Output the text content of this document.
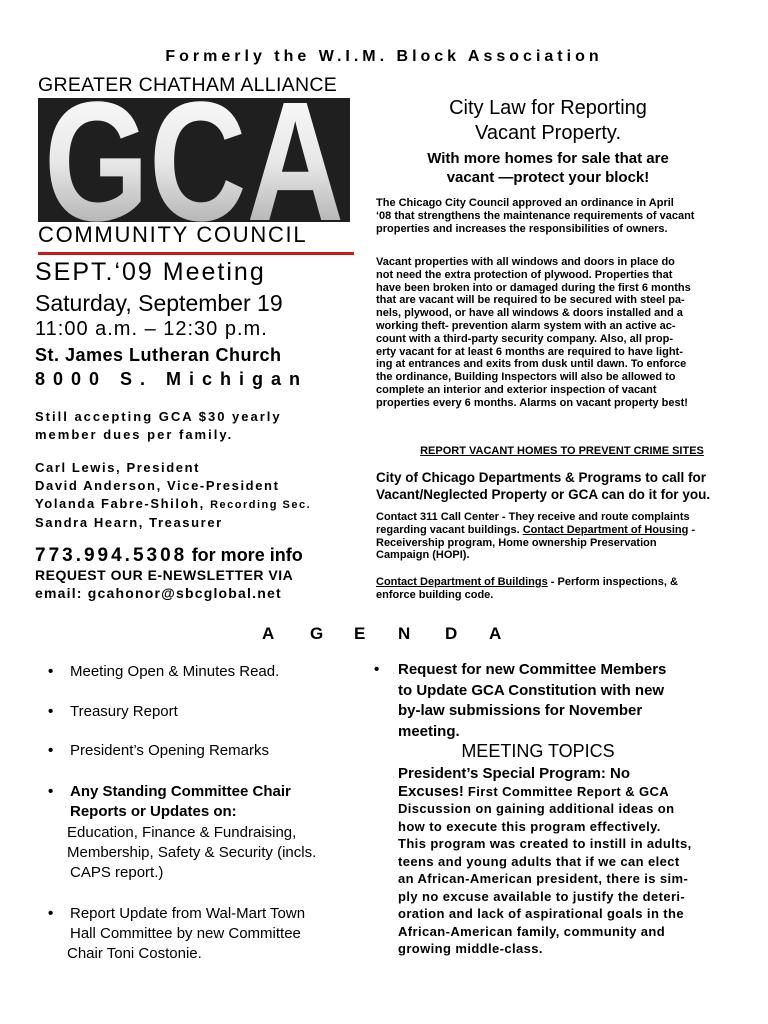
Formerly the W.I.M. Block Association
GREATER CHATHAM ALLIANCE
GCA
COMMUNITY COUNCIL
SEPT.‘09 Meeting
Saturday, September 19
11:00 a.m. – 12:30 p.m.
St. James Lutheran Church
8000 S. Michigan
Still accepting GCA $30 yearly
member dues per family.
Carl Lewis, President
David Anderson, Vice-President
Yolanda Fabre-Shiloh, Recording Sec.
Sandra Hearn, Treasurer
773.994.5308 for more info
REQUEST OUR E-NEWSLETTER VIA
email: gcahonor@sbcglobal.net
City Law for Reporting
Vacant Property.
With more homes for sale that are
vacant —protect your block!
The Chicago City Council approved an ordinance in April
‘08 that strengthens the maintenance requirements of vacant
properties and increases the responsibilities of owners.
Vacant properties with all windows and doors in place do
not need the extra protection of plywood. Properties that
have been broken into or damaged during the first 6 months
that are vacant will be required to be secured with steel pa-
nels, plywood, or have all windows & doors installed and a
working theft- prevention alarm system with an active ac-
count with a third-party security company. Also, all prop-
erty vacant for at least 6 months are required to have light-
ing at entrances and exits from dusk until dawn. To enforce
the ordinance, Building Inspectors will also be allowed to
complete an interior and exterior inspection of vacant
properties every 6 months. Alarms on vacant property best!
REPORT VACANT HOMES TO PREVENT CRIME SITES
City of Chicago Departments & Programs to call for
Vacant/Neglected Property or GCA can do it for you.
Contact 311 Call Center - They receive and route complaints
regarding vacant buildings. Contact Department of Housing -
Receivership program, Home ownership Preservation
Campaign (HOPI).
Contact Department of Buildings - Perform inspections, &
enforce building code.
A G E N D A
• Meeting Open & Minutes Read.
• Treasury Report
• President’s Opening Remarks
• Any Standing Committee Chair
Reports or Updates on:
Education, Finance & Fundraising,
Membership, Safety & Security (incls.
CAPS report.)
• Report Update from Wal-Mart Town
Hall Committee by new Committee
Chair Toni Costonie.
• Request for new Committee Members
to Update GCA Constitution with new
by-law submissions for November
meeting.
MEETING TOPICS
President’s Special Program: No
Excuses! First Committee Report & GCA
Discussion on gaining additional ideas on
how to execute this program effectively.
This program was created to instill in adults,
teens and young adults that if we can elect
an African-American president, there is sim-
ply no excuse available to justify the deteri-
oration and lack of aspirational goals in the
African-American family, community and
growing middle-class.
